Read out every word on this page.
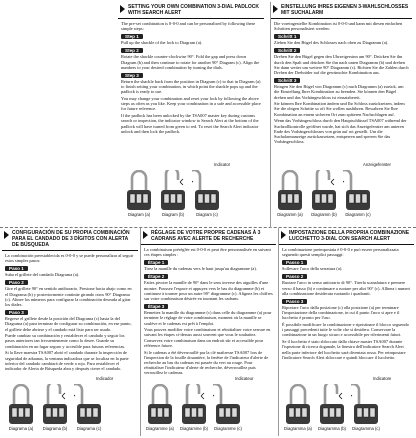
SETTING YOUR OWN COMBINATION 3-DIAL PADLOCK WITH SEARCH ALERT

The pre-set combination is 0-0-0 and can be personalised by following these simple steps:

Step 1

Pull up the shackle of the lock to Diagram (a).

Step 2

Rotate the shackle counter-clockwise 90°. Fold the gap and press down Diagram (b) and then continue to rotate for another 90° Diagram (c). Align the numbers to your desired combination by turning the dials.

Step 3

Return the shackle back from the position in Diagram (c) to that in Diagram (a) to finish setting your combination, in which point the shackle pops up and the padlock is ready to use.

You may change your combination and reset your lock by following the above steps as often as you like. Keep your combination in a safe and accessible place for future reference.

If the padlock has been unlocked by the TSA007 master key during customs search or inspection, the indicator window to Search Alert at the bottom of the padlock will have turned from green to red. To reset the Search Alert indicator unlock and then lock the padlock.

Indicator
Diagram (a)	Diagram (b)	Diagram (c)
EINSTELLUNG IHRES EIGENEN 3-WAHLSCHLOSSES MIT SUCHALARM

Die voreingestellte Kombination ist 0-0-0 und kann mit diesen einfachen Schritten personalisiert werden:

Schritt 1

Ziehen Sie den Bügel des Schlosses nach oben zu Diagramm (a).

Schritt 2

Drehen Sie den Bügel gegen den Uhrzeigersinn um 90°. Drücken Sie ihn durch den Spalt und drücken Sie ihn nach unten Diagramm (b) und drehen Sie dann weiter um weitere 90° Diagramm (c). Richten Sie die Zahlen durch Drehen der Drehräder auf die gewünschte Kombination aus.

Schritt 3

Bringen Sie den Bügel von Diagramm (c) nach Diagramm (a) zurück, um die Einstellung Ihrer Kombination zu beenden. Sie können den Bügel drehen und das Vorhängeschloss ist einsatzbereit.

Sie können Ihre Kombination ändern und Ihr Schloss zurücksetzen, indem Sie die obigen Schritte so oft Sie wollen ausführen. Bewahren Sie Ihre Kombination an einem sicheren Ort zum späteren Nachschlagen auf.

Wenn das Vorhängeschloss durch den Hauptschlüssel TSA007 während der Suchzollkontrolle geöffnet wurde, hat sich das Anzeigefenster am unteren Ende des Vorhängeschlosses von grün auf rot gestellt. Um die Suchalarmanzeige zurückzusetzen, entsperren und sperren Sie das Vorhängeschloss.

Anzeigefenster
Diagramm (a)	Diagramm (b)	Diagramm (c)
CONFIGURACIÓN DE SU PROPIA COMBINACIÓN PARA EL CANDADO DE 3 DÍGITOS CON ALERTA DE BÚSQUEDA

La combinación preestablecida es 0-0-0 y se puede personalizar al seguir estos simples pasos:

Paso 1

Suba el grillete del candado Diagrama (a).

Paso 2

Gire el grillete 90° en sentido antihorario. Presione hacia abajo como en el Diagrama (b) y posteriormente continúe girando otros 90° Diagrama (c). Alinee los números para configurar la combinación deseada al girar los diales.

Paso 3

Regrese el grillete desde la posición del Diagrama (c) hasta la del Diagrama (a) para terminar de configurar su combinación, en ese punto, el grillete debe abrirse y el candado está listo para ser usado.

Puede cambiar su combinación y restablecer el candado y seguir los pasos anteriores tan frecuentemente como lo desee. Guarde su combinación en un lugar seguro y accesible para futuras referencias.

Si la llave maestra TSA007 abrió el candado durante la inspección de seguridad de aduanas, la ventana indicadora que se localiza en la parte inferior del candado cambiará de verde a rojo. Para restablecer el indicador de Alerta de Búsqueda abra y después cierre el candado.

Indicador
Diagrama (a)	Diagrama (b)	Diagrama (c)
RÉGLAGE DE VOTRE PROPRE CADENAS À 3 CADRANS AVEC ALERTE DE RECHERCHE

La combinaison préréglée est 0-0-0 et peut être personnalisée en suivant ces étapes simples :

Étape 1

Tirez la manille du cadenas vers le haut jusqu'au diagramme (a).

Étape 2

Faites pivoter la manille de 90° dans le sens inverse des aiguilles d'une montre. Poussez l'espace et appuyez vers le bas du diagramme (b) et continuez à tourner pour un autre 90° diagramme (c). Alignez les chiffres sur votre combinaison désirée en tournant les cadrans.

Étape 3

Remettez la manille du diagramme (c) dans celle du diagramme (a) pour terminer le réglage de votre combinaison, moment où la manille se soulève et le cadenas est prêt à l'emploi.

Vous pouvez modifier votre combinaison et réinitialiser votre serrure en suivant les étapes ci-dessus aussi souvent que vous le souhaitez. Conservez votre combinaison dans un endroit sûr et accessible pour référence future.

Si le cadenas a été déverrouillé par la clé maîtresse TSA007 lors de l'inspection de la fouille douanière, la fenêtre de l'indicateur d'alerte de recherche au bas du cadenas est passée du vert au rouge. Pour réinitialiser l'indicateur d'alerte de recherche, déverrouillez puis verrouillez le cadenas.

Indicateur
Diagramme (a) Diagramme (b) Diagramme (c)
IMPOSTAZIONE DELLA PROPRIA COMBINAZIONE LUCCHETTO 3-DIAL CON SEARCH ALERT

La combinazione preimpostata è 0-0-0 e può essere personalizzata seguendo questi semplici passaggi:

Passo 1

Sollevare l'arco della serratura (a).

Passo 2

Ruotare l'arco in senso antiorario di 90°. Tirerla scanalatura e premere verso il basso (b) e continuare a ruotare per altri 90° (c). Allinea i numeri alla combinazione desiderata ruotando i quadranti.

Passo 3

Riportare l'arco dalla posizione (c) alla posizione (a) per terminare l'impostazione della combinazione, in cui il punto l'arco si apre e il lucchetto è pronto per l'uso.

È possibile modificare la combinazione e ripristinare il blocco seguendo i passaggi precedenti tutte le volte che si desidera. Conservare la combinazione in un luogo sicuro e accessibile per riferimenti futuri.

Se il lucchetto è stato sbloccato dalla chiave master TSA007 durante l'ispezione di ricerca doganale, la finestra dell'indicatore Search Alert nella parte inferiore del lucchetto sarà diventata rossa. Per reimpostare l'indicatore Search Alert sbloccare e quindi bloccare il lucchetto.

Indicatore
Diagramma (a) Diagramma (b) Diagramma (c)
